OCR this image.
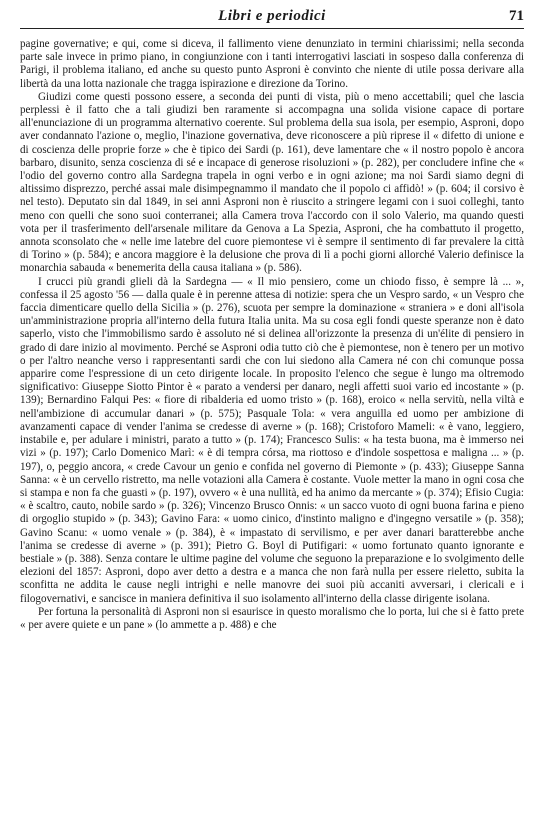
Libri e periodici	71

pagine governative; e qui, come si diceva, il fallimento viene denunziato in termini chiarissimi; nella seconda parte sale invece in primo piano, in congiunzione con i tanti interrogativi lasciati in sospeso dalla conferenza di Parigi, il problema italiano, ed anche su questo punto Asproni è convinto che niente di utile possa derivare alla libertà da una lotta nazionale che tragga ispirazione e direzione da Torino.

Giudizi come questi possono essere, a seconda dei punti di vista, più o meno accettabili; quel che lascia perplessi è il fatto che a tali giudizi ben raramente si accompagna una solida visione capace di portare all'enunciazione di un programma alternativo coerente. Sul problema della sua isola, per esempio, Asproni, dopo aver condannato l'azione o, meglio, l'inazione governativa, deve riconoscere a più riprese il « difetto di unione e di coscienza delle proprie forze » che è tipico dei Sardi (p. 161), deve lamentare che « il nostro popolo è ancora barbaro, disunito, senza coscienza di sé e incapace di generose risoluzioni » (p. 282), per concludere infine che « l'odio del governo contro alla Sardegna trapela in ogni verbo e in ogni azione; ma noi Sardi siamo degni di altissimo disprezzo, perché assai male disimpegnammo il mandato che il popolo ci affidò! » (p. 604; il corsivo è nel testo). Deputato sin dal 1849, in sei anni Asproni non è riuscito a stringere legami con i suoi colleghi, tanto meno con quelli che sono suoi conterranei; alla Camera trova l'accordo con il solo Valerio, ma quando questi vota per il trasferimento dell'arsenale militare da Genova a La Spezia, Asproni, che ha combattuto il progetto, annota sconsolato che « nelle ime latebre del cuore piemontese vi è sempre il sentimento di far prevalere la città di Torino » (p. 584); e ancora maggiore è la delusione che prova di lì a pochi giorni allorché Valerio definisce la monarchia sabauda « benemerita della causa italiana » (p. 586).

I crucci più grandi glieli dà la Sardegna — « Il mio pensiero, come un chiodo fisso, è sempre là ... », confessa il 25 agosto '56 — dalla quale è in perenne attesa di notizie: spera che un Vespro sardo, « un Vespro che faccia dimenticare quello della Sicilia » (p. 276), scuota per sempre la dominazione « straniera » e doni all'isola un'amministrazione propria all'interno della futura Italia unita. Ma su cosa egli fondi queste speranze non è dato saperlo, visto che l'immobilismo sardo è assoluto né si delinea all'orizzonte la presenza di un'élite di pensiero in grado di dare inizio al movimento. Perché se Asproni odia tutto ciò che è piemontese, non è tenero per un motivo o per l'altro neanche verso i rappresentanti sardi che con lui siedono alla Camera né con chi comunque possa apparire come l'espressione di un ceto dirigente locale. In proposito l'elenco che segue è lungo ma oltremodo significativo: Giuseppe Siotto Pintor è « parato a vendersi per danaro, negli affetti suoi vario ed incostante » (p. 139); Bernardino Falqui Pes: « fiore di ribalderia ed uomo tristo » (p. 168), eroico « nella servitù, nella viltà e nell'ambizione di accumular danari » (p. 575); Pasquale Tola: « vera anguilla ed uomo per ambizione di avanzamenti capace di vender l'anima se credesse di averne » (p. 168); Cristoforo Mameli: « è vano, leggiero, instabile e, per adulare i ministri, parato a tutto » (p. 174); Francesco Sulis: « ha testa buona, ma è immerso nei vizi » (p. 197); Carlo Domenico Marì: « è di tempra córsa, ma riottoso e d'indole sospettosa e maligna ... » (p. 197), o, peggio ancora, « crede Cavour un genio e confida nel governo di Piemonte » (p. 433); Giuseppe Sanna Sanna: « è un cervello ristretto, ma nelle votazioni alla Camera è costante. Vuole metter la mano in ogni cosa che si stampa e non fa che guasti » (p. 197), ovvero « è una nullità, ed ha animo da mercante » (p. 374); Efisio Cugia: « è scaltro, cauto, nobile sardo » (p. 326); Vincenzo Brusco Onnis: « un sacco vuoto di ogni buona farina e pieno di orgoglio stupido » (p. 343); Gavino Fara: « uomo cinico, d'instinto maligno e d'ingegno versatile » (p. 358); Gavino Scanu: « uomo venale » (p. 384), è « impastato di servilismo, e per aver danari baratterebbe anche l'anima se credesse di averne » (p. 391); Pietro G. Boyl di Putifigari: « uomo fortunato quanto ignorante e bestiale » (p. 388). Senza contare le ultime pagine del volume che seguono la preparazione e lo svolgimento delle elezioni del 1857: Asproni, dopo aver detto a destra e a manca che non farà nulla per essere rieletto, subita la sconfitta ne addita le cause negli intrighi e nelle manovre dei suoi più accaniti avversari, i clericali e i filogovernativi, e sancisce in maniera definitiva il suo isolamento all'interno della classe dirigente isolana.

Per fortuna la personalità di Asproni non si esaurisce in questo moralismo che lo porta, lui che si è fatto prete « per avere quiete e un pane » (lo ammette a p. 488) e che
